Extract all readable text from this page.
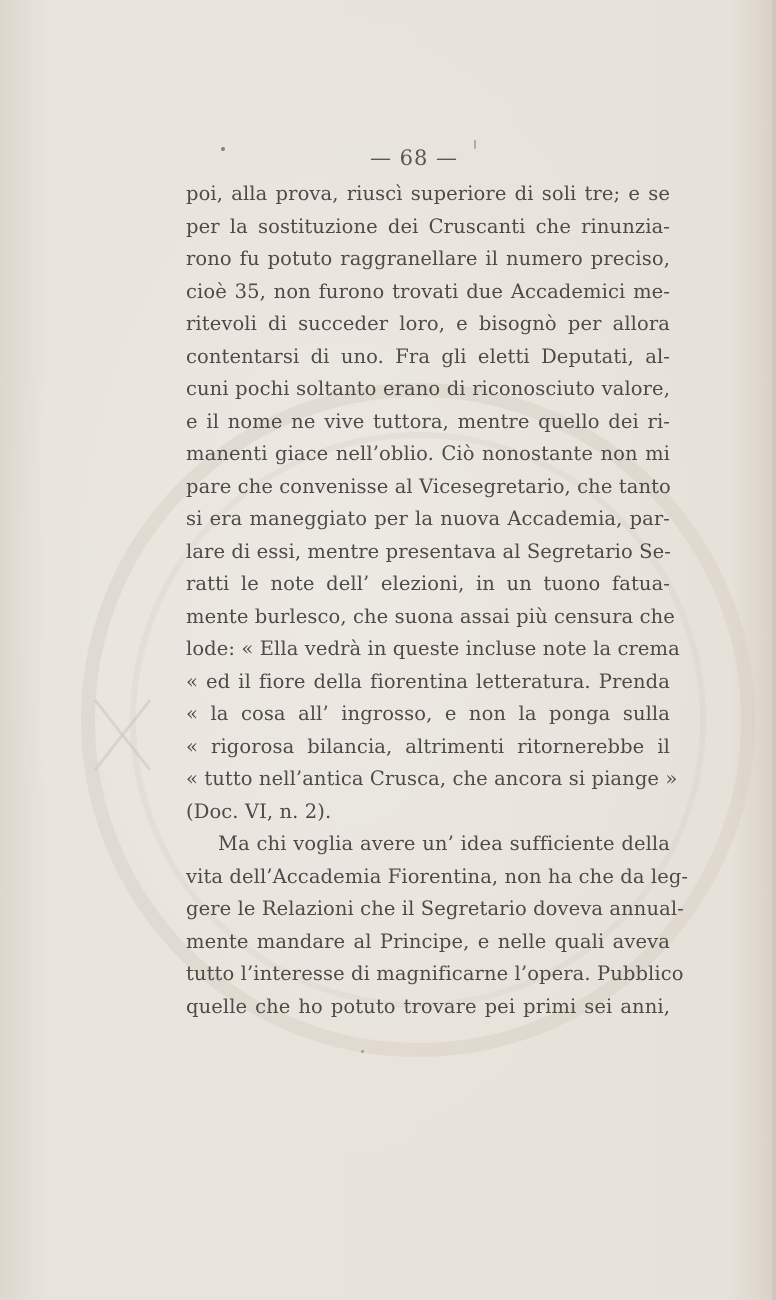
— 68 —
poi, alla prova, riuscì superiore di soli tre; e se
per la sostituzione dei Cruscanti che rinunzia-
rono fu potuto raggranellare il numero preciso,
cioè 35, non furono trovati due Accademici me-
ritevoli di succeder loro, e bisognò per allora
contentarsi di uno. Fra gli eletti Deputati, al-
cuni pochi soltanto erano di riconosciuto valore,
e il nome ne vive tuttora, mentre quello dei ri-
manenti giace nell’oblio. Ciò nonostante non mi
pare che convenisse al Vicesegretario, che tanto
si era maneggiato per la nuova Accademia, par-
lare di essi, mentre presentava al Segretario Se-
ratti le note dell’ elezioni, in un tuono fatua-
mente burlesco, che suona assai più censura che
lode: « Ella vedrà in queste incluse note la crema
« ed il fiore della fiorentina letteratura. Prenda
« la cosa all’ ingrosso, e non la ponga sulla
« rigorosa bilancia, altrimenti ritornerebbe il
« tutto nell’antica Crusca, che ancora si piange »
(Doc. VI, n. 2).
Ma chi voglia avere un’ idea sufficiente della
vita dell’Accademia Fiorentina, non ha che da leg-
gere le Relazioni che il Segretario doveva annual-
mente mandare al Principe, e nelle quali aveva
tutto l’interesse di magnificarne l’opera. Pubblico
quelle che ho potuto trovare pei primi sei anni,
